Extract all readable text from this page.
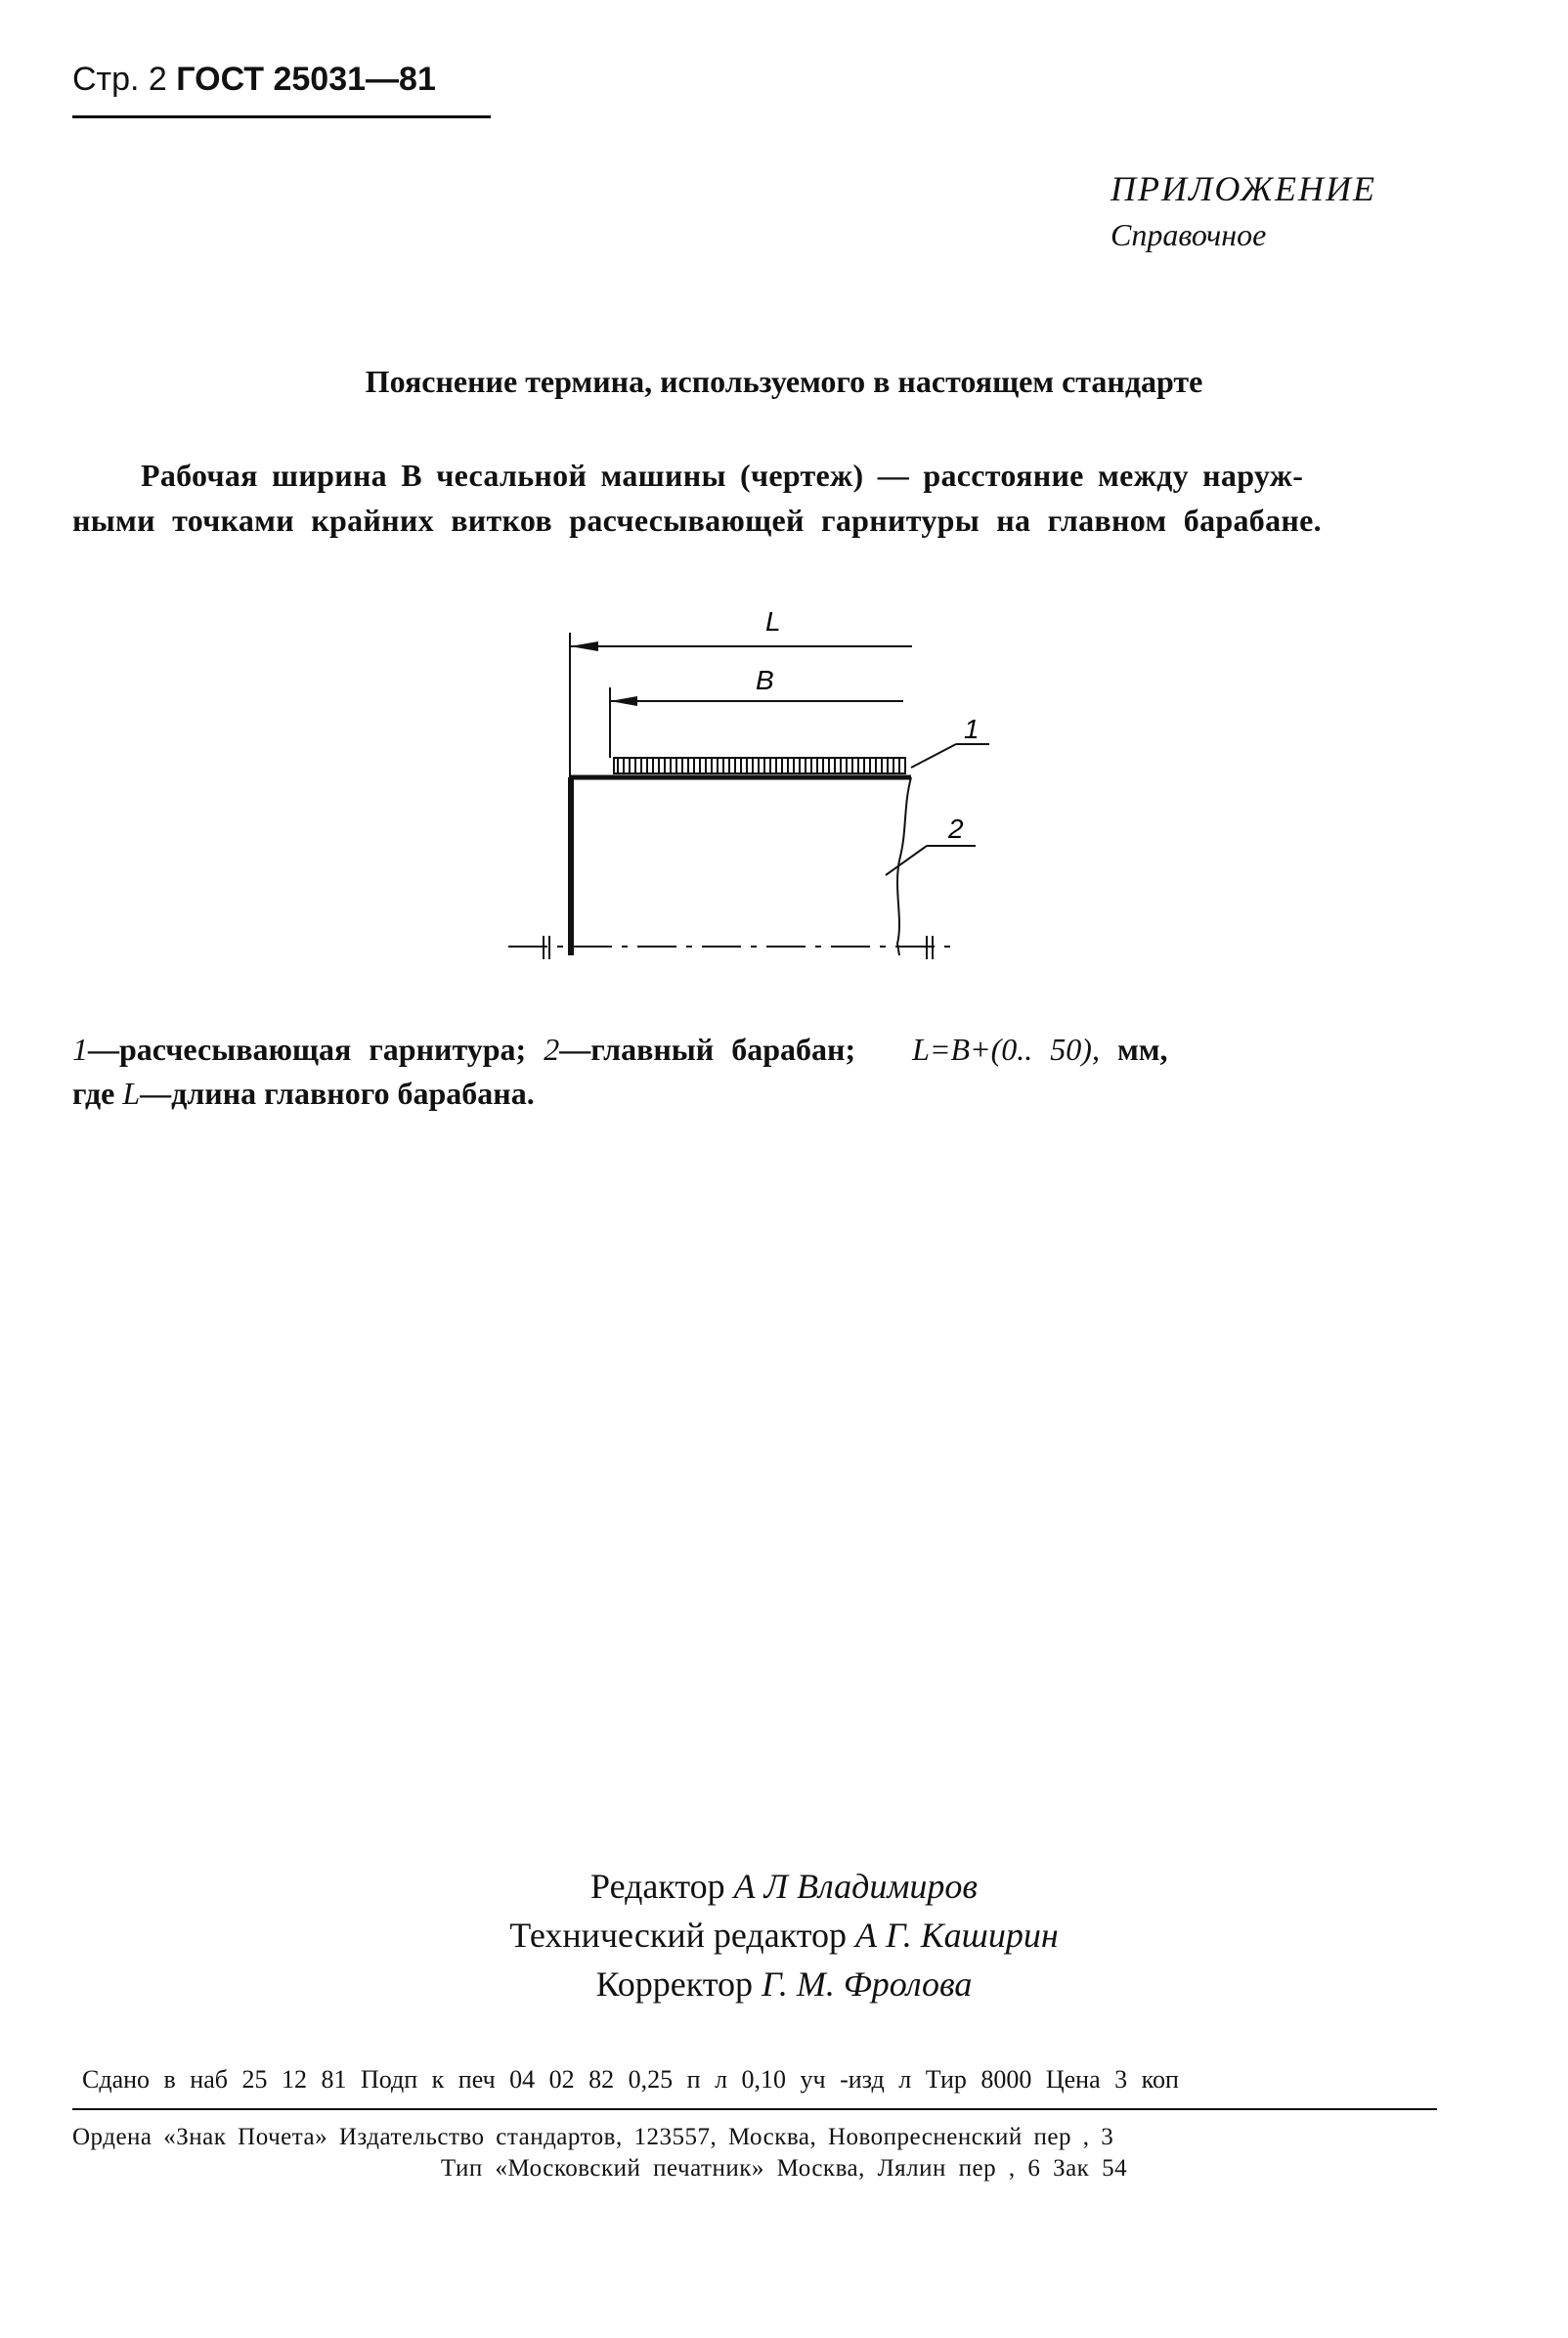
Стр. 2 ГОСТ 25031—81
ПРИЛОЖЕНИЕ
Справочное
Пояснение термина, используемого в настоящем стандарте
Рабочая ширина В чесальной машины (чертеж) — расстояние между наруж-
ными точками крайних витков расчесывающей гарнитуры на главном барабане.
L
B
1
2
1—расчесывающая гарнитура; 2—главный барабан; L=B+(0.. 50), мм,
где L—длина главного барабана.
Редактор А Л Владимиров
Технический редактор А Г. Каширин
Корректор Г. М. Фролова
Сдано в наб 25 12 81 Подп к печ 04 02 82 0,25 п л 0,10 уч -изд л Тир 8000 Цена 3 коп
Ордена «Знак Почета» Издательство стандартов, 123557, Москва, Новопресненский пер , 3
Тип «Московский печатник» Москва, Лялин пер , 6 Зак 54
